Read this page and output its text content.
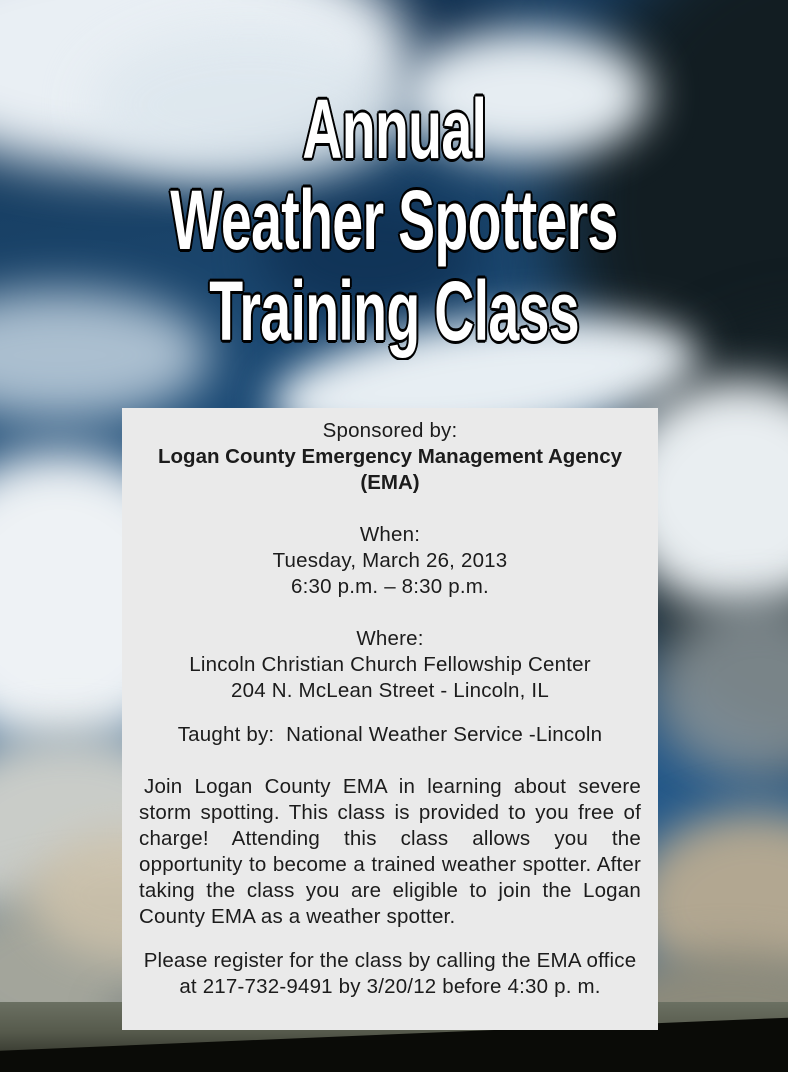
Annual
Weather Spotters
Training Class

Sponsored by:

Logan County Emergency Management Agency

(EMA)

When:

Tuesday, March 26, 2013

6:30 p.m. – 8:30 p.m.

Where:

Lincoln Christian Church Fellowship Center

204 N. McLean Street - Lincoln, IL

Taught by:  National Weather Service -Lincoln

Join Logan County EMA in learning about severe storm spotting. This class is provided to you free of charge! Attending this class allows you the opportunity to become a trained weather spotter. After taking the class you are eligible to join the Logan County EMA as a weather spotter.

Please register for the class by calling the EMA office at 217-732-9491 by 3/20/12 before 4:30 p. m.
